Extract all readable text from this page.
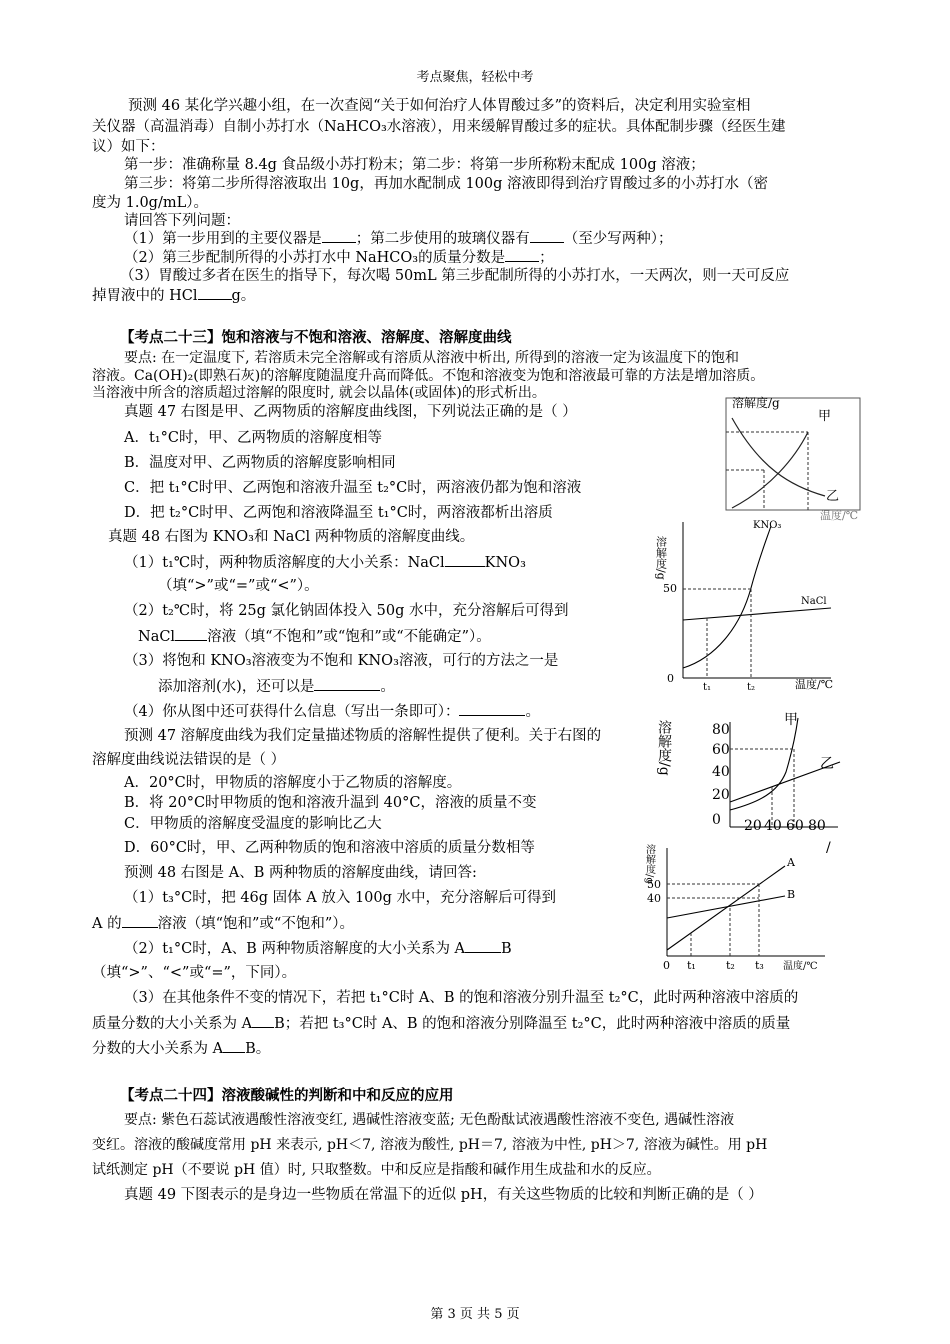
考点聚焦，轻松中考
预测 46 某化学兴趣小组，在一次查阅“关于如何治疗人体胃酸过多”的资料后，决定利用实验室相
关仪器（高温消毒）自制小苏打水（NaHCO₃水溶液），用来缓解胃酸过多的症状。具体配制步骤（经医生建
议）如下：
第一步：准确称量 8.4g 食品级小苏打粉末；第二步：将第一步所称粉末配成 100g 溶液；
第三步：将第二步所得溶液取出 10g，再加水配制成 100g 溶液即得到治疗胃酸过多的小苏打水（密
度为 1.0g/mL）。
请回答下列问题：
（1）第一步用到的主要仪器是 ；第二步使用的玻璃仪器有 （至少写两种）；
（2）第三步配制所得的小苏打水中 NaHCO₃的质量分数是 ；
（3）胃酸过多者在医生的指导下，每次喝 50mL 第三步配制所得的小苏打水，一天两次，则一天可反应
掉胃液中的 HCl g。
【考点二十三】饱和溶液与不饱和溶液、溶解度、溶解度曲线
要点: 在一定温度下, 若溶质未完全溶解或有溶质从溶液中析出, 所得到的溶液一定为该温度下的饱和
溶液。Ca(OH)₂(即熟石灰)的溶解度随温度升高而降低。不饱和溶液变为饱和溶液最可靠的方法是增加溶质。
当溶液中所含的溶质超过溶解的限度时, 就会以晶体(或固体)的形式析出。
真题 47 右图是甲、乙两物质的溶解度曲线图，下列说法正确的是（ ）
A．t₁°C时，甲、乙两物质的溶解度相等
B．温度对甲、乙两物质的溶解度影响相同
C．把 t₁°C时甲、乙两饱和溶液升温至 t₂°C时，两溶液仍都为饱和溶液
D．把 t₂°C时甲、乙两饱和溶液降温至 t₁°C时，两溶液都析出溶质
真题 48 右图为 KNO₃和 NaCl 两种物质的溶解度曲线。
（1）t₁℃时，两种物质溶解度的大小关系：NaCl	KNO₃
（填“>”或“=”或“<”）。
（2）t₂℃时，将 25g 氯化钠固体投入 50g 水中，充分溶解后可得到
NaCl 溶液（填“不饱和”或“饱和”或“不能确定”）。
（3）将饱和 KNO₃溶液变为不饱和 KNO₃溶液，可行的方法之一是
添加溶剂(水)，还可以是	。
（4）你从图中还可获得什么信息（写出一条即可）：	。
预测 47 溶解度曲线为我们定量描述物质的溶解性提供了便利。关于右图的
溶解度曲线说法错误的是（ ）
A．20°C时，甲物质的溶解度小于乙物质的溶解度。
B．将 20°C时甲物质的饱和溶液升温到 40°C，溶液的质量不变
C．甲物质的溶解度受温度的影响比乙大
D．60°C时，甲、乙两种物质的饱和溶液中溶质的质量分数相等
预测 48 右图是 A、B 两种物质的溶解度曲线，请回答:
（1）t₃°C时，把 46g 固体 A 放入 100g 水中，充分溶解后可得到
A 的 溶液（填“饱和”或“不饱和”）。
（2）t₁°C时，A、B 两种物质溶解度的大小关系为 A B
（填“>”、“<”或“=”，下同）。
（3）在其他条件不变的情况下，若把 t₁°C时 A、B 的饱和溶液分别升温至 t₂°C，此时两种溶液中溶质的
质量分数的大小关系为 A B；若把 t₃°C时 A、B 的饱和溶液分别降温至 t₂°C，此时两种溶液中溶质的质量
分数的大小关系为 A B。
【考点二十四】溶液酸碱性的判断和中和反应的应用
要点: 紫色石蕊试液遇酸性溶液变红, 遇碱性溶液变蓝; 无色酚酞试液遇酸性溶液不变色, 遇碱性溶液
变红。溶液的酸碱度常用 pH 来表示, pH＜7, 溶液为酸性, pH＝7, 溶液为中性, pH＞7, 溶液为碱性。用 pH
试纸测定 pH（不要说 pH 值）时, 只取整数。中和反应是指酸和碱作用生成盐和水的反应。
真题 49 下图表示的是身边一些物质在常温下的近似 pH，有关这些物质的比较和判断正确的是（ ）
第 3 页 共 5 页
溶解度/g
甲
乙
温度/℃
溶解度/g
0
50
KNO₃
NaCl
t₁	t₂	温度/℃
溶解度/g	80
60
40
20
0 20 40 60 80
甲
乙
/
溶解度/g
0
50
40
A
B
t₁	t₂ t₃ 温度/℃
